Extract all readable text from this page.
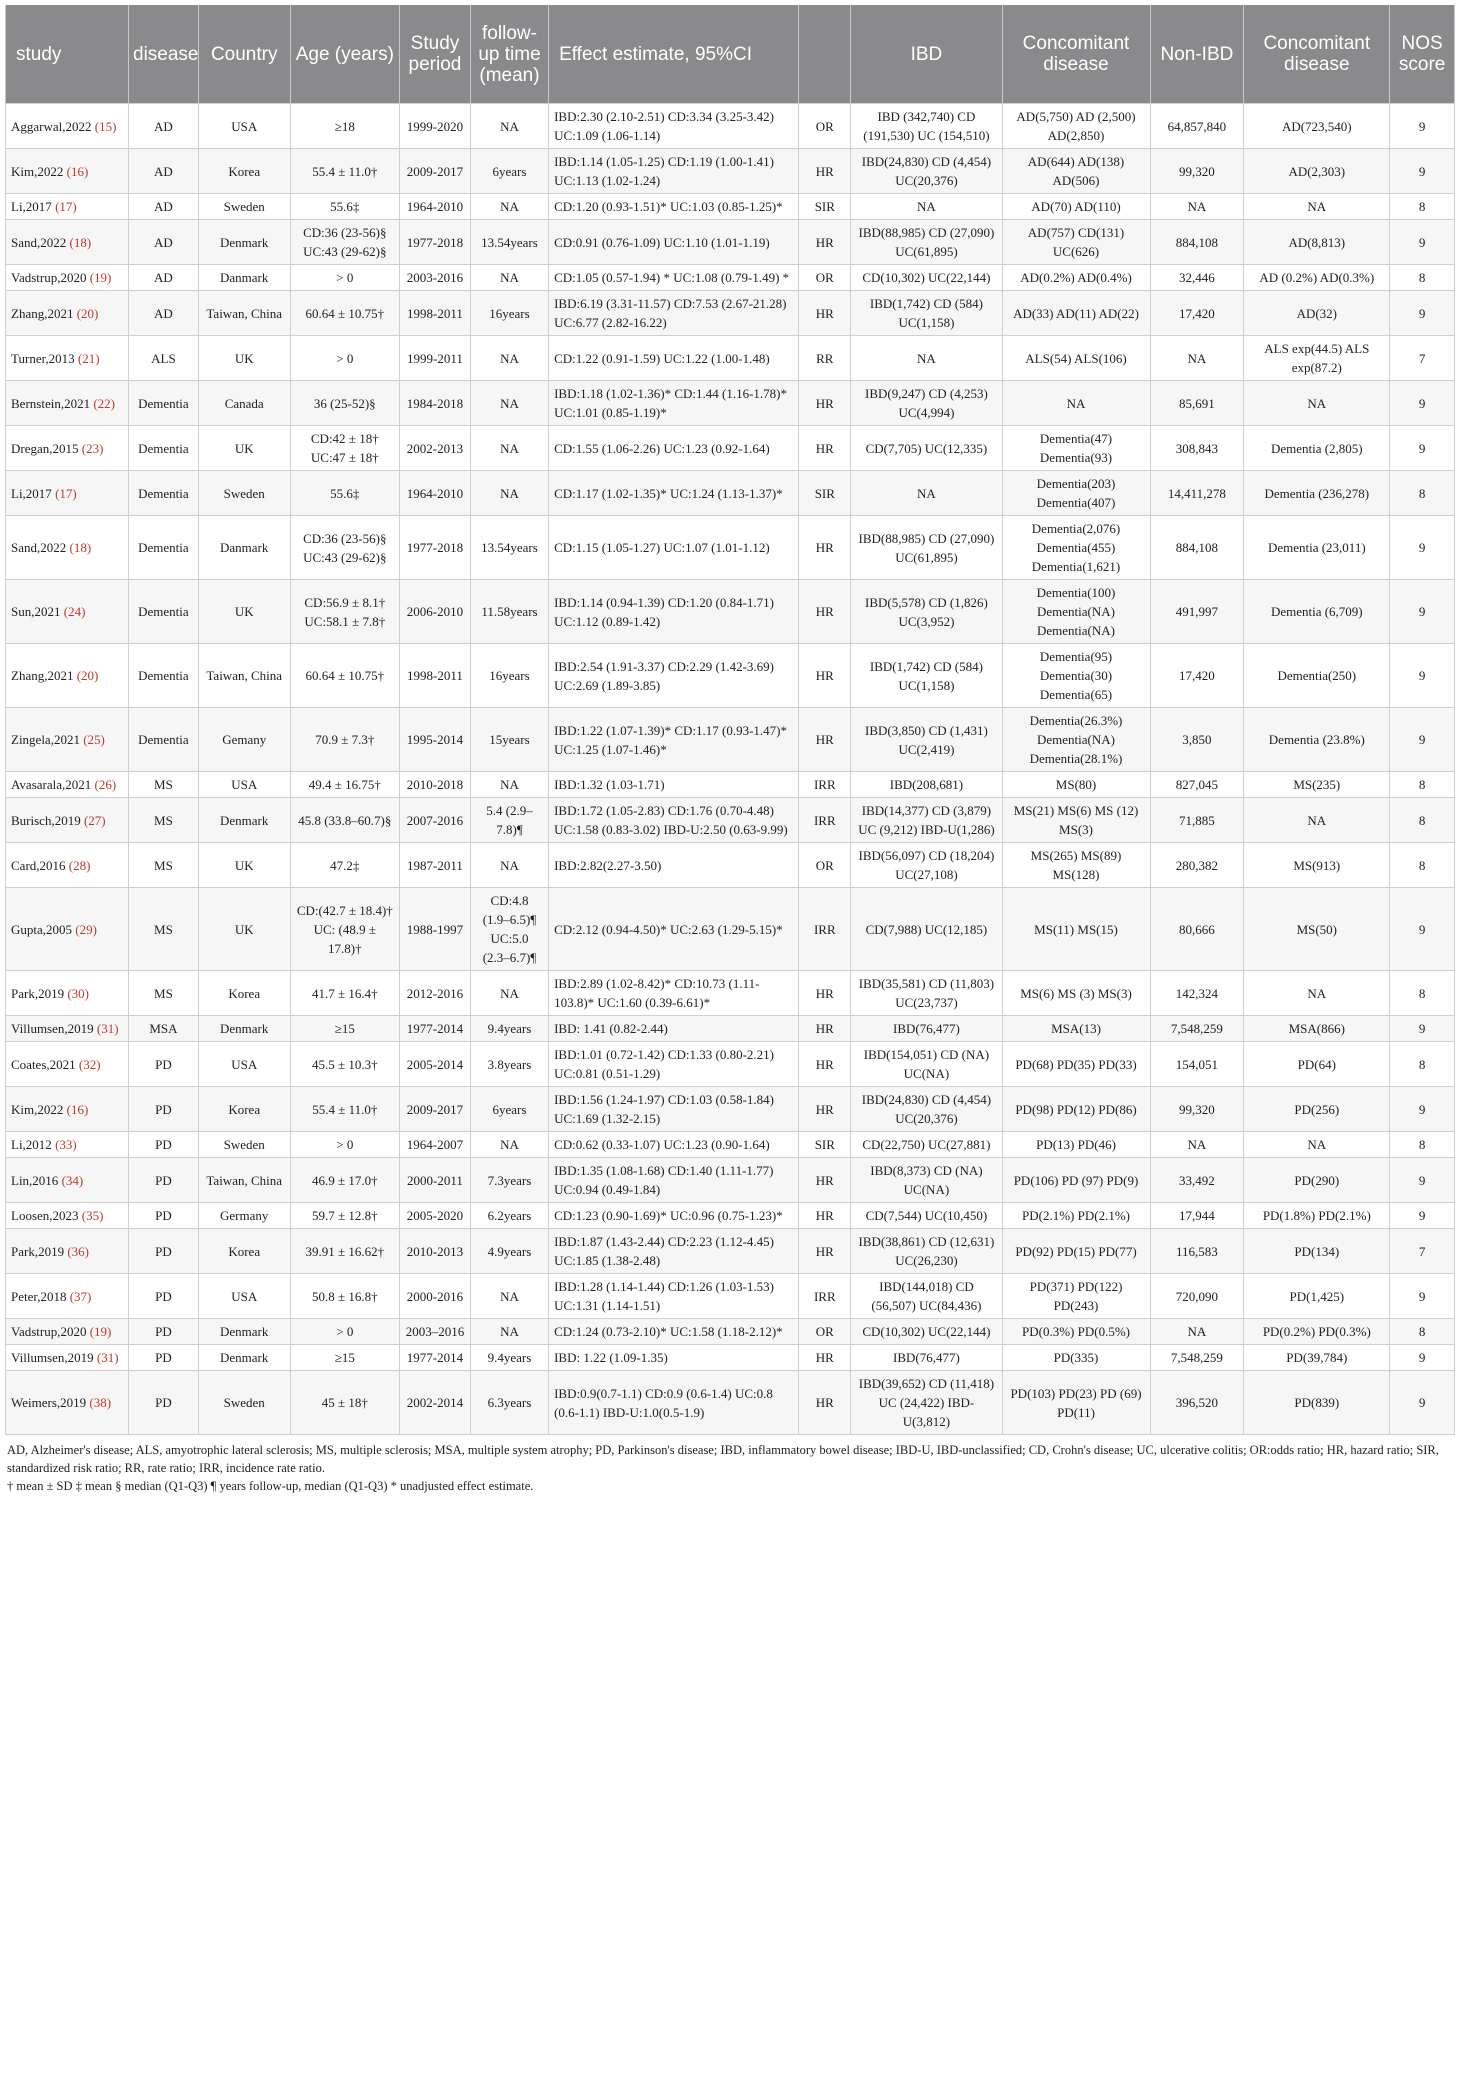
study	disease	Country	Age (years)	Study period	follow-up time (mean)	Effect estimate, 95%CI		IBD	Concomitant disease	Non-IBD	Concomitant disease	NOS score
Aggarwal,2022 (15)	AD	USA	≥18	1999-2020	NA	IBD:2.30 (2.10-2.51) CD:3.34 (3.25-3.42) UC:1.09 (1.06-1.14)	OR	IBD (342,740) CD (191,530) UC (154,510)	AD(5,750) AD (2,500) AD(2,850)	64,857,840	AD(723,540)	9
Kim,2022 (16)	AD	Korea	55.4 ± 11.0†	2009-2017	6years	IBD:1.14 (1.05-1.25) CD:1.19 (1.00-1.41) UC:1.13 (1.02-1.24)	HR	IBD(24,830) CD (4,454) UC(20,376)	AD(644) AD(138) AD(506)	99,320	AD(2,303)	9
Li,2017 (17)	AD	Sweden	55.6‡	1964-2010	NA	CD:1.20 (0.93-1.51)* UC:1.03 (0.85-1.25)*	SIR	NA	AD(70) AD(110)	NA	NA	8
Sand,2022 (18)	AD	Denmark	CD:36 (23-56)§ UC:43 (29-62)§	1977-2018	13.54years	CD:0.91 (0.76-1.09) UC:1.10 (1.01-1.19)	HR	IBD(88,985) CD (27,090) UC(61,895)	AD(757) CD(131) UC(626)	884,108	AD(8,813)	9
Vadstrup,2020 (19)	AD	Danmark	> 0	2003-2016	NA	CD:1.05 (0.57-1.94) * UC:1.08 (0.79-1.49) *	OR	CD(10,302) UC(22,144)	AD(0.2%) AD(0.4%)	32,446	AD (0.2%) AD(0.3%)	8
Zhang,2021 (20)	AD	Taiwan, China	60.64 ± 10.75†	1998-2011	16years	IBD:6.19 (3.31-11.57) CD:7.53 (2.67-21.28) UC:6.77 (2.82-16.22)	HR	IBD(1,742) CD (584) UC(1,158)	AD(33) AD(11) AD(22)	17,420	AD(32)	9
Turner,2013 (21)	ALS	UK	> 0	1999-2011	NA	CD:1.22 (0.91-1.59) UC:1.22 (1.00-1.48)	RR	NA	ALS(54) ALS(106)	NA	ALS exp(44.5) ALS exp(87.2)	7
Bernstein,2021 (22)	Dementia	Canada	36 (25-52)§	1984-2018	NA	IBD:1.18 (1.02-1.36)* CD:1.44 (1.16-1.78)* UC:1.01 (0.85-1.19)*	HR	IBD(9,247) CD (4,253) UC(4,994)	NA	85,691	NA	9
Dregan,2015 (23)	Dementia	UK	CD:42 ± 18† UC:47 ± 18†	2002-2013	NA	CD:1.55 (1.06-2.26) UC:1.23 (0.92-1.64)	HR	CD(7,705) UC(12,335)	Dementia(47) Dementia(93)	308,843	Dementia (2,805)	9
Li,2017 (17)	Dementia	Sweden	55.6‡	1964-2010	NA	CD:1.17 (1.02-1.35)* UC:1.24 (1.13-1.37)*	SIR	NA	Dementia(203) Dementia(407)	14,411,278	Dementia (236,278)	8
Sand,2022 (18)	Dementia	Danmark	CD:36 (23-56)§ UC:43 (29-62)§	1977-2018	13.54years	CD:1.15 (1.05-1.27) UC:1.07 (1.01-1.12)	HR	IBD(88,985) CD (27,090) UC(61,895)	Dementia(2,076) Dementia(455) Dementia(1,621)	884,108	Dementia (23,011)	9
Sun,2021 (24)	Dementia	UK	CD:56.9 ± 8.1† UC:58.1 ± 7.8†	2006-2010	11.58years	IBD:1.14 (0.94-1.39) CD:1.20 (0.84-1.71) UC:1.12 (0.89-1.42)	HR	IBD(5,578) CD (1,826) UC(3,952)	Dementia(100) Dementia(NA) Dementia(NA)	491,997	Dementia (6,709)	9
Zhang,2021 (20)	Dementia	Taiwan, China	60.64 ± 10.75†	1998-2011	16years	IBD:2.54 (1.91-3.37) CD:2.29 (1.42-3.69) UC:2.69 (1.89-3.85)	HR	IBD(1,742) CD (584) UC(1,158)	Dementia(95) Dementia(30) Dementia(65)	17,420	Dementia(250)	9
Zingela,2021 (25)	Dementia	Gemany	70.9 ± 7.3†	1995-2014	15years	IBD:1.22 (1.07-1.39)* CD:1.17 (0.93-1.47)* UC:1.25 (1.07-1.46)*	HR	IBD(3,850) CD (1,431) UC(2,419)	Dementia(26.3%) Dementia(NA) Dementia(28.1%)	3,850	Dementia (23.8%)	9
Avasarala,2021 (26)	MS	USA	49.4 ± 16.75†	2010-2018	NA	IBD:1.32 (1.03-1.71)	IRR	IBD(208,681)	MS(80)	827,045	MS(235)	8
Burisch,2019 (27)	MS	Denmark	45.8 (33.8–60.7)§	2007-2016	5.4 (2.9–7.8)¶	IBD:1.72 (1.05-2.83) CD:1.76 (0.70-4.48) UC:1.58 (0.83-3.02) IBD-U:2.50 (0.63-9.99)	IRR	IBD(14,377) CD (3,879) UC (9,212) IBD-U(1,286)	MS(21) MS(6) MS (12) MS(3)	71,885	NA	8
Card,2016 (28)	MS	UK	47.2‡	1987-2011	NA	IBD:2.82(2.27-3.50)	OR	IBD(56,097) CD (18,204) UC(27,108)	MS(265) MS(89) MS(128)	280,382	MS(913)	8
Gupta,2005 (29)	MS	UK	CD:(42.7 ± 18.4)† UC: (48.9 ± 17.8)†	1988-1997	CD:4.8 (1.9–6.5)¶ UC:5.0 (2.3–6.7)¶	CD:2.12 (0.94-4.50)* UC:2.63 (1.29-5.15)*	IRR	CD(7,988) UC(12,185)	MS(11) MS(15)	80,666	MS(50)	9
Park,2019 (30)	MS	Korea	41.7 ± 16.4†	2012-2016	NA	IBD:2.89 (1.02-8.42)* CD:10.73 (1.11-103.8)* UC:1.60 (0.39-6.61)*	HR	IBD(35,581) CD (11,803) UC(23,737)	MS(6) MS (3) MS(3)	142,324	NA	8
Villumsen,2019 (31)	MSA	Denmark	≥15	1977-2014	9.4years	IBD: 1.41 (0.82-2.44)	HR	IBD(76,477)	MSA(13)	7,548,259	MSA(866)	9
Coates,2021 (32)	PD	USA	45.5 ± 10.3†	2005-2014	3.8years	IBD:1.01 (0.72-1.42) CD:1.33 (0.80-2.21) UC:0.81 (0.51-1.29)	HR	IBD(154,051) CD (NA) UC(NA)	PD(68) PD(35) PD(33)	154,051	PD(64)	8
Kim,2022 (16)	PD	Korea	55.4 ± 11.0†	2009-2017	6years	IBD:1.56 (1.24-1.97) CD:1.03 (0.58-1.84) UC:1.69 (1.32-2.15)	HR	IBD(24,830) CD (4,454) UC(20,376)	PD(98) PD(12) PD(86)	99,320	PD(256)	9
Li,2012 (33)	PD	Sweden	> 0	1964-2007	NA	CD:0.62 (0.33-1.07) UC:1.23 (0.90-1.64)	SIR	CD(22,750) UC(27,881)	PD(13) PD(46)	NA	NA	8
Lin,2016 (34)	PD	Taiwan, China	46.9 ± 17.0†	2000-2011	7.3years	IBD:1.35 (1.08-1.68) CD:1.40 (1.11-1.77) UC:0.94 (0.49-1.84)	HR	IBD(8,373) CD (NA) UC(NA)	PD(106) PD (97) PD(9)	33,492	PD(290)	9
Loosen,2023 (35)	PD	Germany	59.7 ± 12.8†	2005-2020	6.2years	CD:1.23 (0.90-1.69)* UC:0.96 (0.75-1.23)*	HR	CD(7,544) UC(10,450)	PD(2.1%) PD(2.1%)	17,944	PD(1.8%) PD(2.1%)	9
Park,2019 (36)	PD	Korea	39.91 ± 16.62†	2010-2013	4.9years	IBD:1.87 (1.43-2.44) CD:2.23 (1.12-4.45) UC:1.85 (1.38-2.48)	HR	IBD(38,861) CD (12,631) UC(26,230)	PD(92) PD(15) PD(77)	116,583	PD(134)	7
Peter,2018 (37)	PD	USA	50.8 ± 16.8†	2000-2016	NA	IBD:1.28 (1.14-1.44) CD:1.26 (1.03-1.53) UC:1.31 (1.14-1.51)	IRR	IBD(144,018) CD (56,507) UC(84,436)	PD(371) PD(122) PD(243)	720,090	PD(1,425)	9
Vadstrup,2020 (19)	PD	Denmark	> 0	2003–2016	NA	CD:1.24 (0.73-2.10)* UC:1.58 (1.18-2.12)*	OR	CD(10,302) UC(22,144)	PD(0.3%) PD(0.5%)	NA	PD(0.2%) PD(0.3%)	8
Villumsen,2019 (31)	PD	Denmark	≥15	1977-2014	9.4years	IBD: 1.22 (1.09-1.35)	HR	IBD(76,477)	PD(335)	7,548,259	PD(39,784)	9
Weimers,2019 (38)	PD	Sweden	45 ± 18†	2002-2014	6.3years	IBD:0.9(0.7-1.1) CD:0.9 (0.6-1.4) UC:0.8 (0.6-1.1) IBD-U:1.0(0.5-1.9)	HR	IBD(39,652) CD (11,418) UC (24,422) IBD-U(3,812)	PD(103) PD(23) PD (69) PD(11)	396,520	PD(839)	9
AD, Alzheimer's disease; ALS, amyotrophic lateral sclerosis; MS, multiple sclerosis; MSA, multiple system atrophy; PD, Parkinson's disease; IBD, inflammatory bowel disease; IBD-U, IBD-unclassified; CD, Crohn's disease; UC, ulcerative colitis; OR:odds ratio; HR, hazard ratio; SIR, standardized risk ratio; RR, rate ratio; IRR, incidence rate ratio.
† mean ± SD ‡ mean § median (Q1-Q3) ¶ years follow-up, median (Q1-Q3) * unadjusted effect estimate.
